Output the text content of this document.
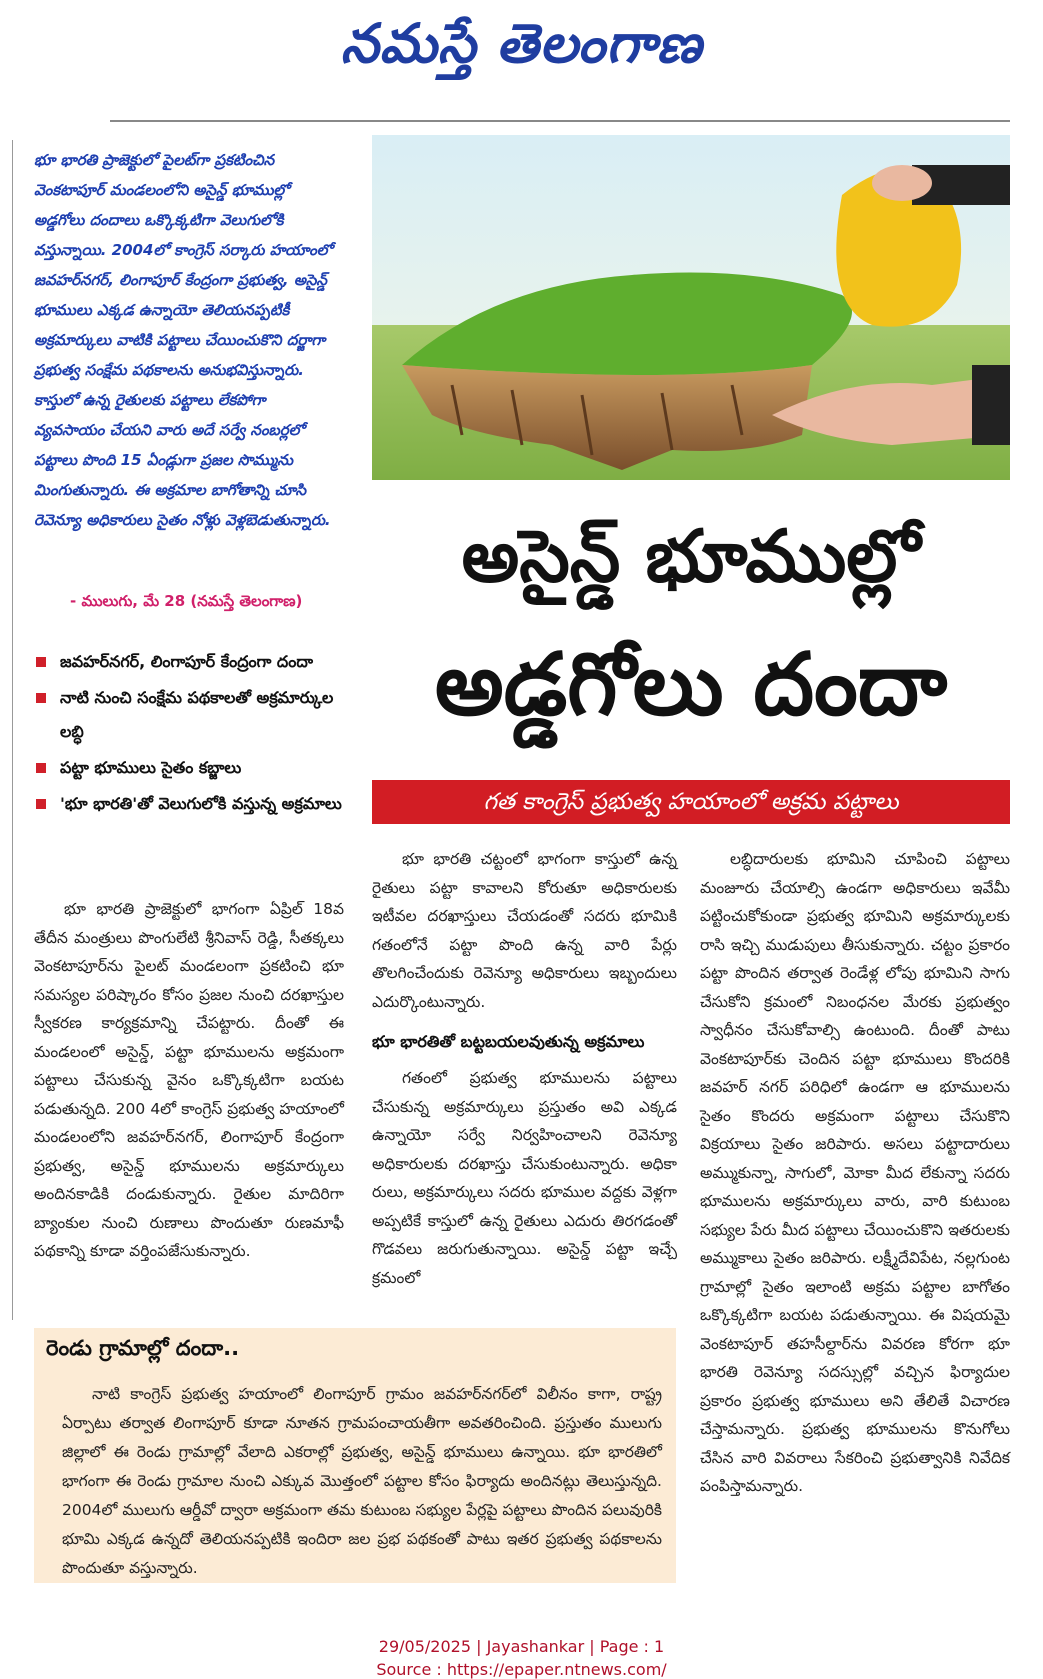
నమస్తే తెలంగాణ
భూ భారతి ప్రాజెక్టులో పైలట్‌గా ప్రకటించిన వెంకటాపూర్ మండలంలోని అసైన్డ్ భూముల్లో అడ్డగోలు దందాలు ఒక్కొక్కటిగా వెలుగులోకి వస్తున్నాయి. 2004లో కాంగ్రెస్ సర్కారు హయాంలో జవహర్‌నగర్, లింగాపూర్ కేంద్రంగా ప్రభుత్వ, అసైన్డ్ భూములు ఎక్కడ ఉన్నాయో తెలియనప్పటికీ అక్రమార్కులు వాటికి పట్టాలు చేయించుకొని దర్జాగా ప్రభుత్వ సంక్షేమ పథకాలను అనుభవిస్తున్నారు. కాస్తులో ఉన్న రైతులకు పట్టాలు లేకపోగా వ్యవసాయం చేయని వారు అదే సర్వే నంబర్లలో పట్టాలు పొంది 15 ఏండ్లుగా ప్రజల సొమ్మును మింగుతున్నారు. ఈ అక్రమాల బాగోతాన్ని చూసి రెవెన్యూ అధికారులు సైతం నోళ్లు వెళ్లబెడుతున్నారు.
- ములుగు, మే 28 (నమస్తే తెలంగాణ)
జవహర్‌నగర్, లింగాపూర్ కేంద్రంగా దందా
నాటి నుంచి సంక్షేమ పథకాలతో అక్రమార్కుల లబ్ధి
పట్టా భూములు సైతం కబ్జాలు
'భూ భారతి'తో వెలుగులోకి వస్తున్న అక్రమాలు
అసైన్డ్ భూముల్లో
అడ్డగోలు దందా
గత కాంగ్రెస్ ప్రభుత్వ హయాంలో అక్రమ పట్టాలు

భూ భారతి ప్రాజెక్టులో భాగంగా ఏప్రిల్ 18వ తేదీన మంత్రులు పొంగులేటి శ్రీనివాస్ రెడ్డి, సీతక్కలు వెంకటాపూర్‌ను పైలట్ మండలంగా ప్రకటించి భూ సమస్యల పరిష్కారం కోసం ప్రజల నుంచి దరఖాస్తుల స్వీకరణ కార్యక్రమాన్ని చేపట్టారు. దీంతో ఈ మండలంలో అసైన్డ్, పట్టా భూములను అక్రమంగా పట్టాలు చేసుకున్న వైనం ఒక్కొక్కటిగా బయట పడుతున్నది. 200 4లో కాంగ్రెస్ ప్రభుత్వ హయాంలో మండలంలోని జవహర్‌నగర్, లింగాపూర్ కేంద్రంగా ప్రభుత్వ, అసైన్డ్ భూములను అక్రమార్కులు అందినకాడికి దండుకున్నారు. రైతుల మాదిరిగా బ్యాంకుల నుంచి రుణాలు పొందుతూ రుణమాఫీ పథకాన్ని కూడా వర్తింపజేసుకున్నారు.

భూ భారతి చట్టంలో భాగంగా కాస్తులో ఉన్న రైతులు పట్టా కావాలని కోరుతూ అధికారులకు ఇటీవల దరఖాస్తులు చేయడంతో సదరు భూమికి గతంలోనే పట్టా పొంది ఉన్న వారి పేర్లు తొలగించేందుకు రెవెన్యూ అధికారులు ఇబ్బందులు ఎదుర్కొంటున్నారు.

భూ భారతితో బట్టబయలవుతున్న అక్రమాలు

గతంలో ప్రభుత్వ భూములను పట్టాలు చేసుకున్న అక్రమార్కులు ప్రస్తుతం అవి ఎక్కడ ఉన్నాయో సర్వే నిర్వహించాలని రెవెన్యూ అధికారులకు దరఖాస్తు చేసుకుంటున్నారు. అధికా రులు, అక్రమార్కులు సదరు భూముల వద్దకు వెళ్లగా అప్పటికే కాస్తులో ఉన్న రైతులు ఎదురు తిరగడంతో గొడవలు జరుగుతున్నాయి. అసైన్డ్ పట్టా ఇచ్చే క్రమంలో

లబ్ధిదారులకు భూమిని చూపించి పట్టాలు మంజూరు చేయాల్సి ఉండగా అధికారులు ఇవేమీ పట్టించుకోకుండా ప్రభుత్వ భూమిని అక్రమార్కులకు రాసి ఇచ్చి ముడుపులు తీసుకున్నారు. చట్టం ప్రకారం పట్టా పొందిన తర్వాత రెండేళ్ల లోపు భూమిని సాగు చేసుకోని క్రమంలో నిబంధనల మేరకు ప్రభుత్వం స్వాధీనం చేసుకోవాల్సి ఉంటుంది. దీంతో పాటు వెంకటాపూర్‌కు చెందిన పట్టా భూములు కొందరికి జవహర్ నగర్ పరిధిలో ఉండగా ఆ భూములను సైతం కొందరు అక్రమంగా పట్టాలు చేసుకొని విక్రయాలు సైతం జరిపారు. అసలు పట్టాదారులు అమ్ముకున్నా, సాగులో, మోకా మీద లేకున్నా సదరు భూములను అక్రమార్కులు వారు, వారి కుటుంబ సభ్యుల పేరు మీద పట్టాలు చేయించుకొని ఇతరులకు అమ్ముకాలు సైతం జరిపారు. లక్ష్మీదేవిపేట, నల్లగుంట గ్రామాల్లో సైతం ఇలాంటి అక్రమ పట్టాల బాగోతం ఒక్కొక్కటిగా బయట పడుతున్నాయి. ఈ విషయమై వెంకటాపూర్ తహసీల్దార్‌ను వివరణ కోరగా భూ భారతి రెవెన్యూ సదస్సుల్లో వచ్చిన ఫిర్యాదుల ప్రకారం ప్రభుత్వ భూములు అని తేలితే విచారణ చేస్తామన్నారు. ప్రభుత్వ భూములను కొనుగోలు చేసిన వారి వివరాలు సేకరించి ప్రభుత్వానికి నివేదిక పంపిస్తామన్నారు.

రెండు గ్రామాల్లో దందా..

నాటి కాంగ్రెస్ ప్రభుత్వ హయాంలో లింగాపూర్ గ్రామం జవహర్‌నగర్‌లో విలీనం కాగా, రాష్ట్ర ఏర్పాటు తర్వాత లింగాపూర్ కూడా నూతన గ్రామపంచాయతీగా అవతరించింది. ప్రస్తుతం ములుగు జిల్లాలో ఈ రెండు గ్రామాల్లో వేలాది ఎకరాల్లో ప్రభుత్వ, అసైన్డ్ భూములు ఉన్నాయి. భూ భారతిలో భాగంగా ఈ రెండు గ్రామాల నుంచి ఎక్కువ మొత్తంలో పట్టాల కోసం ఫిర్యాదు అందినట్లు తెలుస్తున్నది. 2004లో ములుగు ఆర్డీవో ద్వారా అక్రమంగా తమ కుటుంబ సభ్యుల పేర్లపై పట్టాలు పొందిన పలువురికి భూమి ఎక్కడ ఉన్నదో తెలియనప్పటికి ఇందిరా జల ప్రభ పథకంతో పాటు ఇతర ప్రభుత్వ పథకాలను పొందుతూ వస్తున్నారు.

29/05/2025 | Jayashankar | Page : 1
Source : https://epaper.ntnews.com/
